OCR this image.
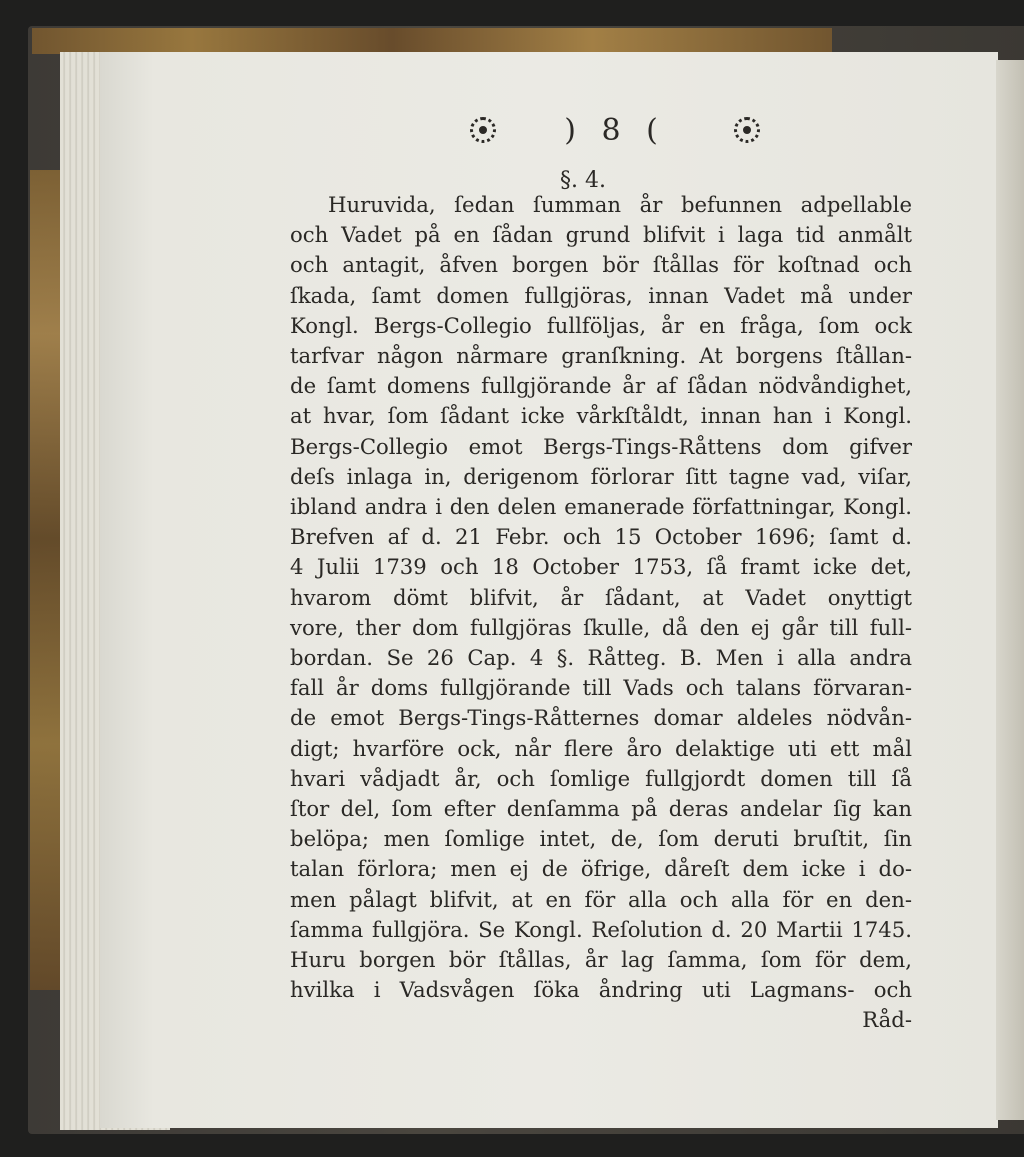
) 8 (
§. 4.
Huruvida, ſedan ſumman år befunnen adpellable
och Vadet på en ſådan grund blifvit i laga tid anmålt
och antagit, åfven borgen bör ſtållas för koſtnad och
ſkada, ſamt domen fullgjöras, innan Vadet må under
Kongl. Bergs-Collegio fullföljas, år en fråga, ſom ock
tarfvar någon nårmare granſkning. At borgens ſtållan-
de ſamt domens fullgjörande år af ſådan nödvåndighet,
at hvar, ſom ſådant icke vårkſtåldt, innan han i Kongl.
Bergs-Collegio emot Bergs-Tings-Råttens dom gifver
deſs inlaga in, derigenom förlorar ſitt tagne vad, viſar,
ibland andra i den delen emanerade författningar, Kongl.
Brefven af d. 21 Febr. och 15 October 1696; ſamt d.
4 Julii 1739 och 18 October 1753, ſå framt icke det,
hvarom dömt blifvit, år ſådant, at Vadet onyttigt
vore, ther dom fullgjöras ſkulle, då den ej går till full-
bordan. Se 26 Cap. 4 §. Råtteg. B. Men i alla andra
fall år doms fullgjörande till Vads och talans förvaran-
de emot Bergs-Tings-Råtternes domar aldeles nödvån-
digt; hvarföre ock, når flere åro delaktige uti ett mål
hvari vådjadt år, och ſomlige fullgjordt domen till ſå
ſtor del, ſom efter denſamma på deras andelar ſig kan
belöpa; men ſomlige intet, de, ſom deruti bruſtit, ſin
talan förlora; men ej de öfrige, dåreſt dem icke i do-
men pålagt blifvit, at en för alla och alla för en den-
ſamma fullgjöra. Se Kongl. Reſolution d. 20 Martii 1745.
Huru borgen bör ſtållas, år lag ſamma, ſom för dem,
hvilka i Vadsvågen ſöka åndring uti Lagmans- och
Råd-
